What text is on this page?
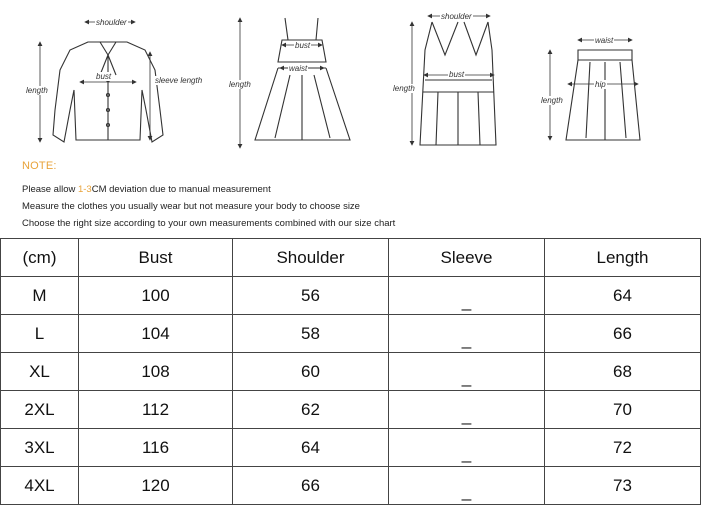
shoulder
bust	sleeve length
length
bust
waist
length
shoulder
bust
length
waist
hip
length
NOTE:
Please allow 1-3CM deviation due to manual measurement
Measure the clothes you usually wear but not measure your body to choose size
Choose the right size according to your own measurements combined with our size chart
(cm)	Bust	Shoulder	Sleeve	Length
M	100	56	_	64
L	104	58	_	66
XL	108	60	_	68
2XL	112	62	_	70
3XL	116	64	_	72
4XL	120	66	_	73
